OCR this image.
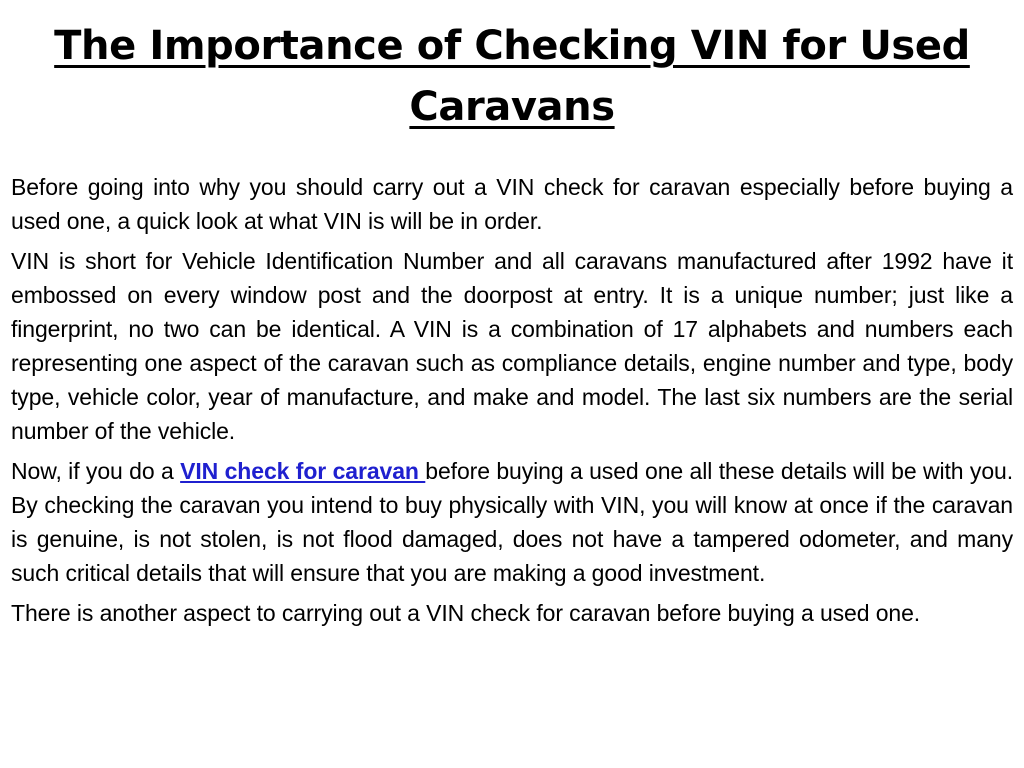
The Importance of Checking VIN for Used Caravans

Before going into why you should carry out a VIN check for caravan especially before buying a used one, a quick look at what VIN is will be in order.

VIN is short for Vehicle Identification Number and all caravans manufactured after 1992 have it embossed on every window post and the doorpost at entry. It is a unique number; just like a fingerprint, no two can be identical. A VIN is a combination of 17 alphabets and numbers each representing one aspect of the caravan such as compliance details, engine number and type, body type, vehicle color, year of manufacture, and make and model. The last six numbers are the serial number of the vehicle.

Now, if you do a VIN check for caravan before buying a used one all these details will be with you. By checking the caravan you intend to buy physically with VIN, you will know at once if the caravan is genuine, is not stolen, is not flood damaged, does not have a tampered odometer, and many such critical details that will ensure that you are making a good investment.

There is another aspect to carrying out a VIN check for caravan before buying a used one.
